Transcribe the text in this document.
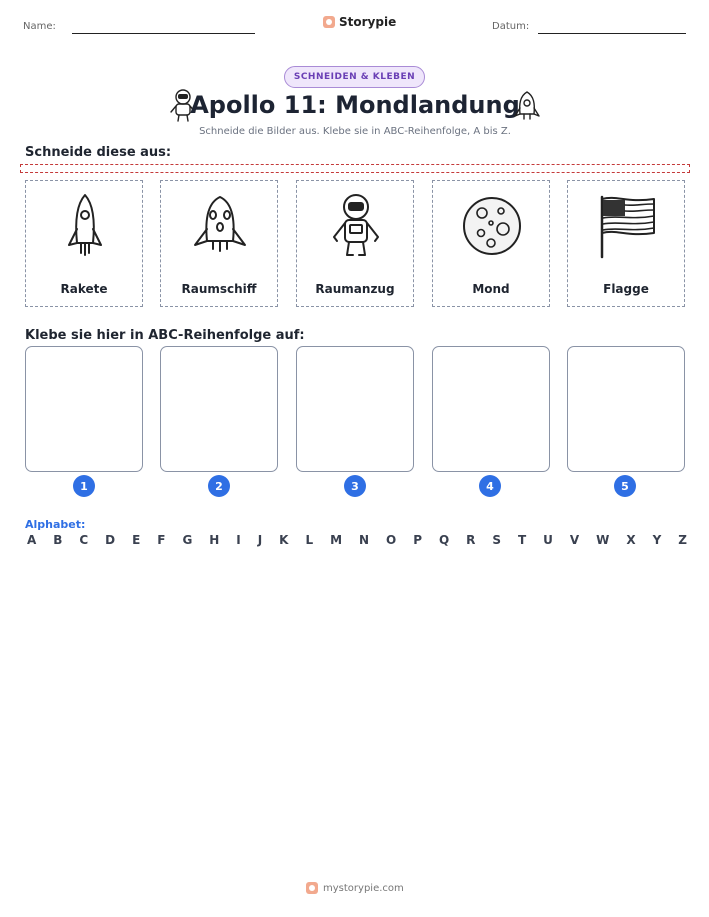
Name:	Storypie	Datum:
SCHNEIDEN & KLEBEN
Apollo 11: Mondlandung
Schneide die Bilder aus. Klebe sie in ABC-Reihenfolge, A bis Z.
Schneide diese aus:
Rakete	Raumschiff	Raumanzug	Mond	Flagge
Klebe sie hier in ABC-Reihenfolge auf:
1	2	3	4	5
Alphabet:
A B C D E F G H I J K L M N O P Q R S T U V W X Y Z
mystorypie.com
